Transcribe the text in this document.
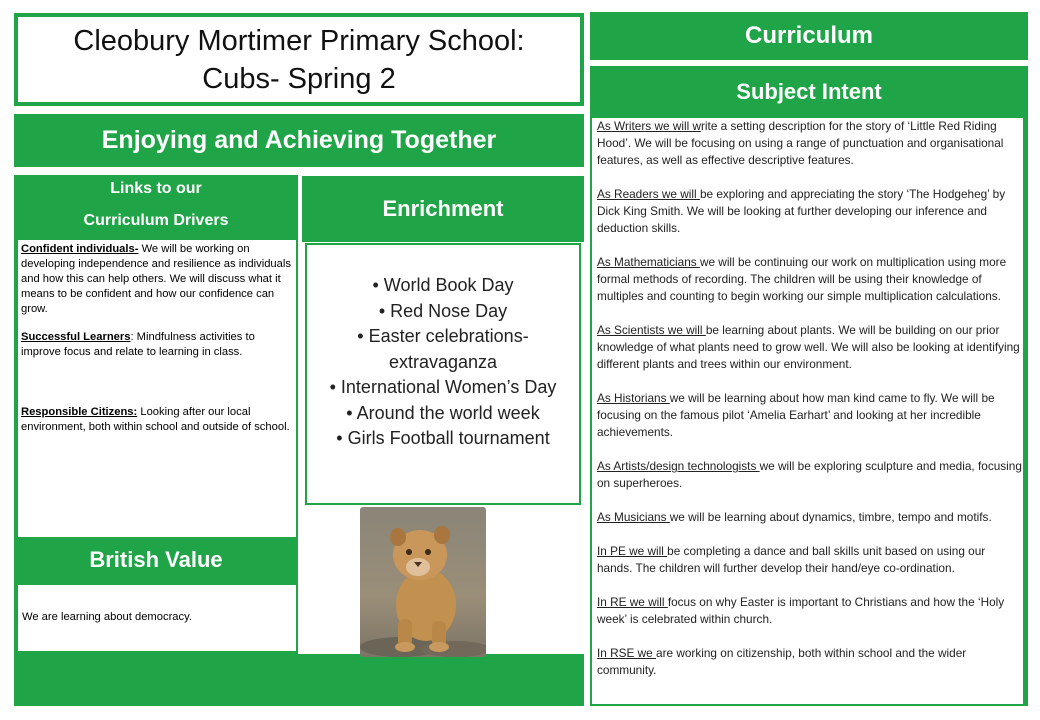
Cleobury Mortimer Primary School:
Cubs- Spring 2
Enjoying and Achieving Together
Links to our
Curriculum Drivers

Confident individuals- We will be working on developing independence and resilience as individuals and how this can help others. We will discuss what it means to be confident and how our confidence can grow.

Successful Learners: Mindfulness activities to improve focus and relate to learning in class.

Responsible Citizens: Looking after our local environment, both within school and outside of school.

Enrichment
• World Book Day
• Red Nose Day
• Easter celebrations- extravaganza
• International Women’s Day
• Around the world week
• Girls Football tournament
British Value
We are learning about democracy.
Curriculum
Subject Intent

As Writers we will write a setting description for the story of ‘Little Red Riding Hood’. We will be focusing on using a range of punctuation and organisational features, as well as effective descriptive features.

As Readers we will be exploring and appreciating the story ‘The Hodgeheg’ by Dick King Smith. We will be looking at further developing our inference and deduction skills.

As Mathematicians we will be continuing our work on multiplication using more formal methods of recording. The children will be using their knowledge of multiples and counting to begin working our simple multiplication calculations.

As Scientists we will be learning about plants. We will be building on our prior knowledge of what plants need to grow well. We will also be looking at identifying different plants and trees within our environment.

As Historians we will be learning about how man kind came to fly. We will be focusing on the famous pilot ‘Amelia Earhart’ and looking at her incredible achievements.

As Artists/design technologists we will be exploring sculpture and media, focusing on superheroes.

As Musicians we will be learning about dynamics, timbre, tempo and motifs.

In PE we will be completing a dance and ball skills unit based on using our hands. The children will further develop their hand/eye co-ordination.

In RE we will focus on why Easter is important to Christians and how the ‘Holy week’ is celebrated within church.

In RSE we are working on citizenship, both within school and the wider community.
